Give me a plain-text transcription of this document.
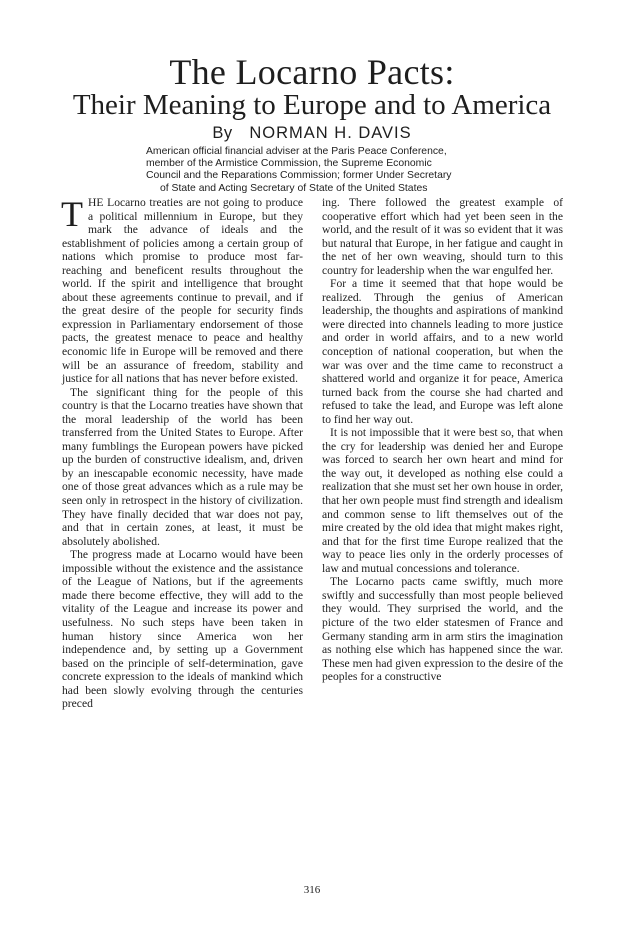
The Locarno Pacts:
Their Meaning to Europe and to America
By NORMAN H. DAVIS
American official financial adviser at the Paris Peace Conference,
member of the Armistice Commission, the Supreme Economic
Council and the Reparations Commission; former Under Secretary
of State and Acting Secretary of State of the United States

THE Locarno treaties are not going to produce a political millennium in Europe, but they mark the advance of ideals and the establishment of policies among a certain group of nations which promise to produce most far-reaching and beneficent results throughout the world. If the spirit and intelligence that brought about these agreements continue to prevail, and if the great desire of the people for security finds expression in Parliamentary endorsement of those pacts, the greatest menace to peace and healthy economic life in Europe will be removed and there will be an assurance of freedom, stability and justice for all nations that has never before existed.

The significant thing for the people of this country is that the Locarno treaties have shown that the moral leadership of the world has been transferred from the United States to Europe. After many fumblings the European powers have picked up the burden of constructive idealism, and, driven by an inescapable economic necessity, have made one of those great advances which as a rule may be seen only in retrospect in the history of civilization. They have finally decided that war does not pay, and that in certain zones, at least, it must be absolutely abolished.

The progress made at Locarno would have been impossible without the existence and the assistance of the League of Nations, but if the agreements made there become effective, they will add to the vitality of the League and increase its power and usefulness. No such steps have been taken in human history since America won her independence and, by setting up a Government based on the principle of self-determination, gave concrete expression to the ideals of mankind which had been slowly evolving through the centuries preced

ing. There followed the greatest example of cooperative effort which had yet been seen in the world, and the result of it was so evident that it was but natural that Europe, in her fatigue and caught in the net of her own weaving, should turn to this country for leadership when the war engulfed her.

For a time it seemed that that hope would be realized. Through the genius of American leadership, the thoughts and aspirations of mankind were directed into channels leading to more justice and order in world affairs, and to a new world conception of national cooperation, but when the war was over and the time came to reconstruct a shattered world and organize it for peace, America turned back from the course she had charted and refused to take the lead, and Europe was left alone to find her way out.

It is not impossible that it were best so, that when the cry for leadership was denied her and Europe was forced to search her own heart and mind for the way out, it developed as nothing else could a realization that she must set her own house in order, that her own people must find strength and idealism and common sense to lift themselves out of the mire created by the old idea that might makes right, and that for the first time Europe realized that the way to peace lies only in the orderly processes of law and mutual concessions and tolerance.

The Locarno pacts came swiftly, much more swiftly and successfully than most people believed they would. They surprised the world, and the picture of the two elder statesmen of France and Germany standing arm in arm stirs the imagination as nothing else which has happened since the war. These men had given expression to the desire of the peoples for a constructive

316
